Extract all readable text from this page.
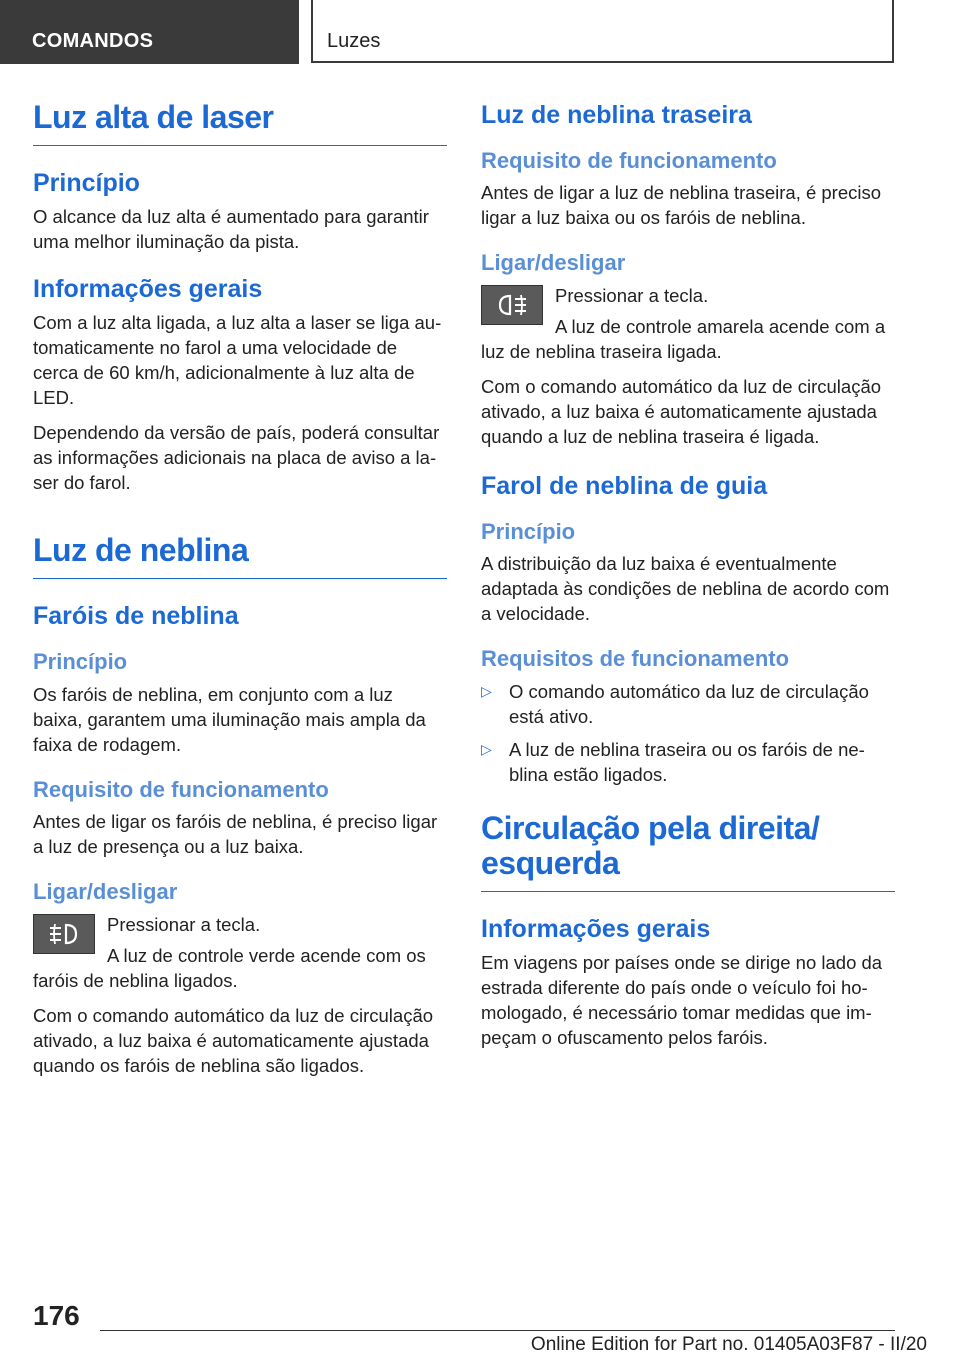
COMANDOS	Luzes
Luz alta de laser
Princípio

O alcance da luz alta é aumentado para garantir uma melhor iluminação da pista.

Informações gerais

Com a luz alta ligada, a luz alta a laser se liga au-tomaticamente no farol a uma velocidade de cerca de 60 km/h, adicionalmente à luz alta de LED.

Dependendo da versão de país, poderá consultar as informações adicionais na placa de aviso a la-ser do farol.

Luz de neblina
Faróis de neblina
Princípio

Os faróis de neblina, em conjunto com a luz baixa, garantem uma iluminação mais ampla da faixa de rodagem.

Requisito de funcionamento

Antes de ligar os faróis de neblina, é preciso ligar a luz de presença ou a luz baixa.

Ligar/desligar

Pressionar a tecla.

A luz de controle verde acende com os faróis de neblina ligados.

Com o comando automático da luz de circulação ativado, a luz baixa é automaticamente ajustada quando os faróis de neblina são ligados.

Luz de neblina traseira
Requisito de funcionamento

Antes de ligar a luz de neblina traseira, é preciso ligar a luz baixa ou os faróis de neblina.

Ligar/desligar

Pressionar a tecla.

A luz de controle amarela acende com a luz de neblina traseira ligada.

Com o comando automático da luz de circulação ativado, a luz baixa é automaticamente ajustada quando a luz de neblina traseira é ligada.

Farol de neblina de guia
Princípio

A distribuição da luz baixa é eventualmente adaptada às condições de neblina de acordo com a velocidade.

Requisitos de funcionamento
▷ O comando automático da luz de circulação está ativo.
▷ A luz de neblina traseira ou os faróis de ne-blina estão ligados.
Circulação pela direita/ esquerda
Informações gerais

Em viagens por países onde se dirige no lado da estrada diferente do país onde o veículo foi ho-mologado, é necessário tomar medidas que im-peçam o ofuscamento pelos faróis.

176
Online Edition for Part no. 01405A03F87 - II/20
